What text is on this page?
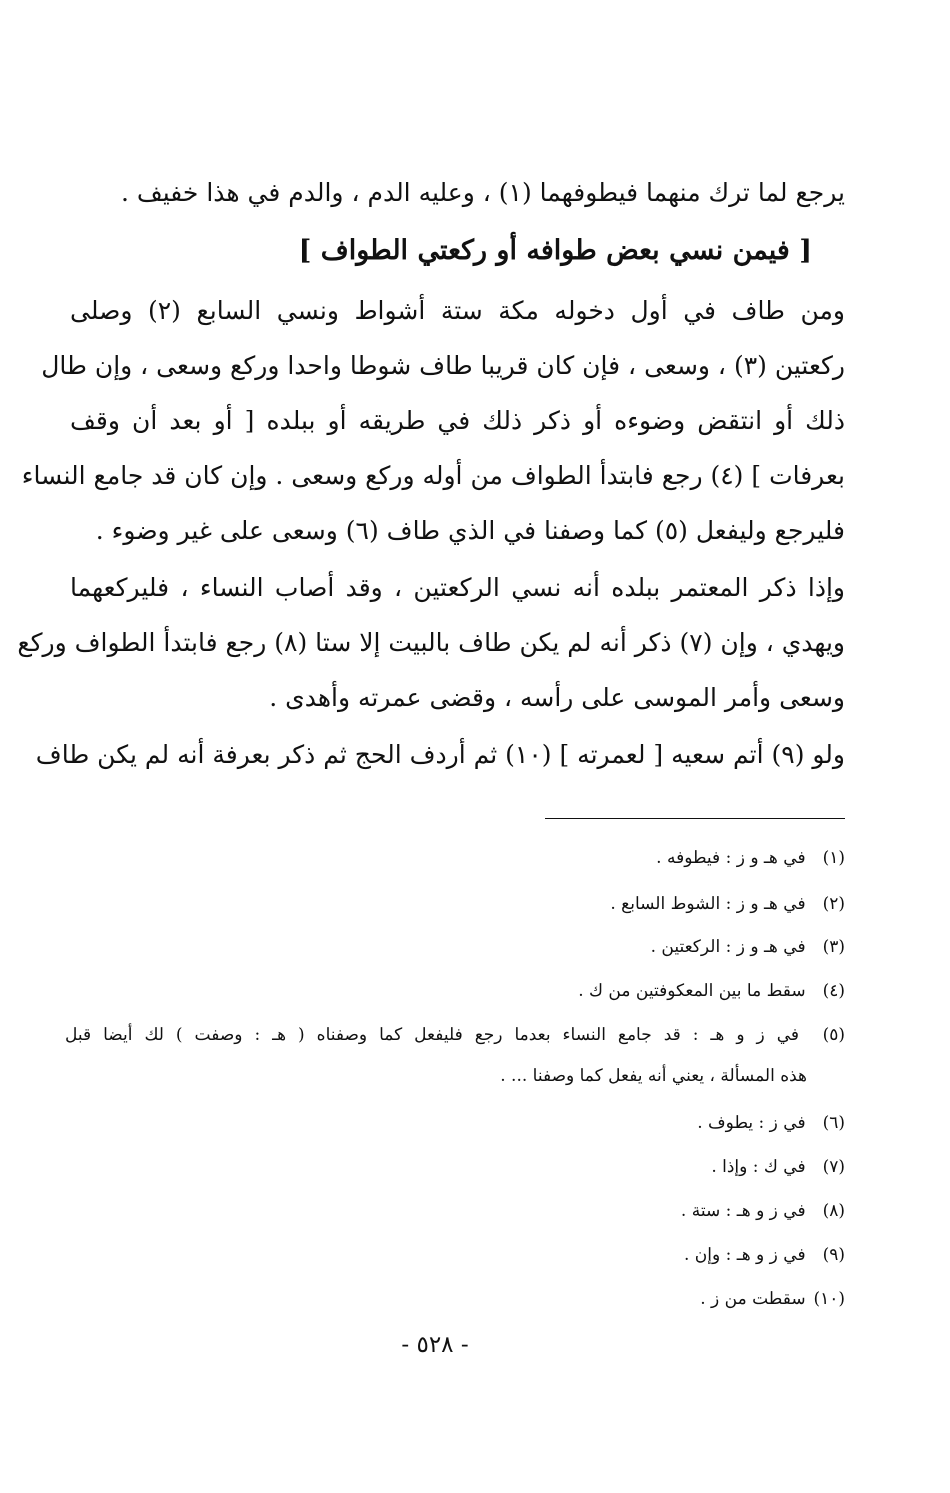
يرجع لما ترك منهما فيطوفهما (١) ، وعليه الدم ، والدم في هذا خفيف .
[ فيمن نسي بعض طوافه أو ركعتي الطواف ]
ومن طاف في أول دخوله مكة ستة أشواط ونسي السابع (٢) وصلى
ركعتين (٣) ، وسعى ، فإن كان قريبا طاف شوطا واحدا وركع وسعى ، وإن طال
ذلك أو انتقض وضوءه أو ذكر ذلك في طريقه أو ببلده [ أو بعد أن وقف
بعرفات ] (٤) رجع فابتدأ الطواف من أوله وركع وسعى . وإن كان قد جامع النساء
فليرجع وليفعل (٥) كما وصفنا في الذي طاف (٦) وسعى على غير وضوء .
وإذا ذكر المعتمر ببلده أنه نسي الركعتين ، وقد أصاب النساء ، فليركعهما
ويهدي ، وإن (٧) ذكر أنه لم يكن طاف بالبيت إلا ستا (٨) رجع فابتدأ الطواف وركع
وسعى وأمر الموسى على رأسه ، وقضى عمرته وأهدى .
ولو (٩) أتم سعيه [ لعمرته ] (١٠) ثم أردف الحج ثم ذكر بعرفة أنه لم يكن طاف
(١) في هـ و ز : فيطوفه .
(٢) في هـ و ز : الشوط السابع .
(٣) في هـ و ز : الركعتين .
(٤) سقط ما بين المعكوفتين من ك .
(٥) في ز و هـ : قد جامع النساء بعدما رجع فليفعل كما وصفناه ( هـ : وصفت ) لك أيضا قبل
هذه المسألة ، يعني أنه يفعل كما وصفنا ... .
(٦) في ز : يطوف .
(٧) في ك : وإذا .
(٨) في ز و هـ : ستة .
(٩) في ز و هـ : وإن .
(١٠) سقطت من ز .
- ٥٢٨ -
